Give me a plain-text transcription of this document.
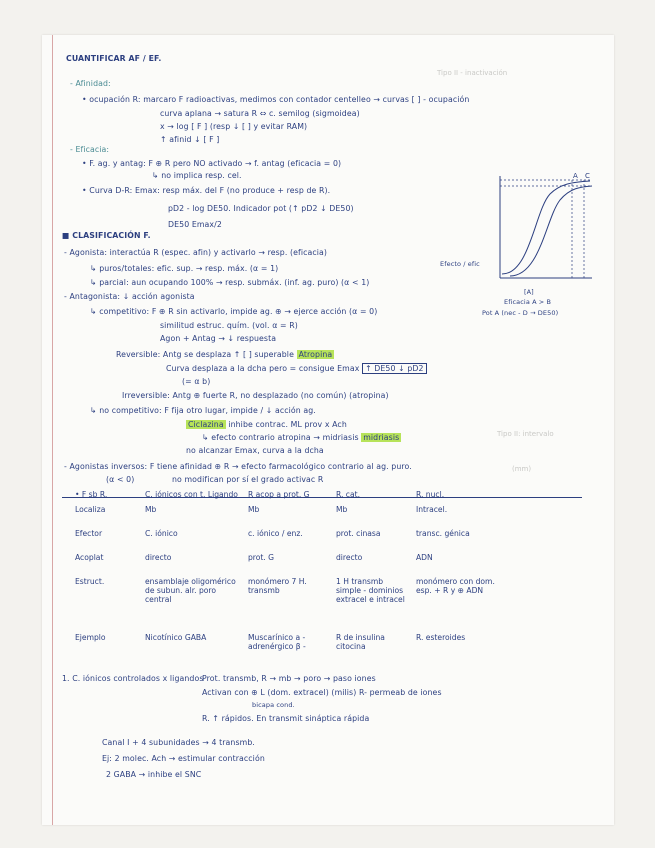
Tipo II - inactivación
Tipo II: intervalo
(mm)
CUANTIFICAR AF / EF.
- Afinidad:
• ocupación R: marcaro F radioactivas, medimos con contador centelleo → curvas [ ] - ocupación
curva aplana → satura R ⇔ c. semilog (sigmoidea)
x → log [ F ] (resp ↓ [ ] y evitar RAM)
↑ afinid ↓ [ F ]
- Eficacia:
• F. ag. y antag: F ⊕ R pero NO activado → f. antag (eficacia = 0)
↳ no implica resp. cel.
• Curva D-R: Emax: resp máx. del F (no produce + resp de R).
pD2 - log DE50. Indicador pot (↑ pD2 ↓ DE50)
DE50 Emax/2
A C
Efecto / efic
[A]
Eficacia A > B
Pot A (nec - D → DE50)
■ CLASIFICACIÓN F.
- Agonista: interactúa R (espec. afin) y activarlo → resp. (eficacia)
↳ puros/totales: efic. sup. → resp. máx. (α = 1)
↳ parcial: aun ocupando 100% → resp. submáx. (inf. ag. puro) (α < 1)
- Antagonista: ↓ acción agonista
↳ competitivo: F ⊕ R sin activarlo, impide ag. ⊕ → ejerce acción (α = 0)
similitud estruc. quím. (vol. α = R)
Agon + Antag → ↓ respuesta
Reversible: Antg se desplaza ↑ [ ] superable Atropina
Curva desplaza a la dcha pero = consigue Emax ↑ DE50 ↓ pD2
(= α b)
Irreversible: Antg ⊕ fuerte R, no desplazado (no común) (atropina)
↳ no competitivo: F fija otro lugar, impide / ↓ acción ag.
Ciclazina inhibe contrac. ML prov x Ach
↳ efecto contrario atropina → midriasis midriasis
no alcanzar Emax, curva a la dcha
- Agonistas inversos: F tiene afinidad ⊕ R → efecto farmacológico contrario al ag. puro.
(α < 0)	no modifican por sí el grado activac R
• F sb R.	C. iónicos con t. Ligando	R acop a prot. G	R. cat.	R. nucl.
Localiza	Mb	Mb	Mb	Intracel.
Efector	C. iónico	c. iónico / enz.	prot. cinasa	transc. génica
Acoplat	directo	prot. G	directo	ADN
Estruct.	ensamblaje oligomérico de subun. alr. poro central	monómero 7 H. transmb	1 H transmb simple - dominios extracel e intracel	monómero con dom. esp. + R y ⊕ ADN
Ejemplo	Nicotínico GABA	Muscarínico a - adrenérgico β -	R de insulina citocina	R. esteroides
1. C. iónicos controlados x ligandos
Prot. transmb, R → mb → poro → paso iones
Activan con ⊕ L (dom. extracel) (milis) R- permeab de iones
bicapa cond.
R. ↑ rápidos. En transmit sináptica rápida
Canal I + 4 subunidades → 4 transmb.
Ej: 2 molec. Ach → estimular contracción
2 GABA → inhibe el SNC
